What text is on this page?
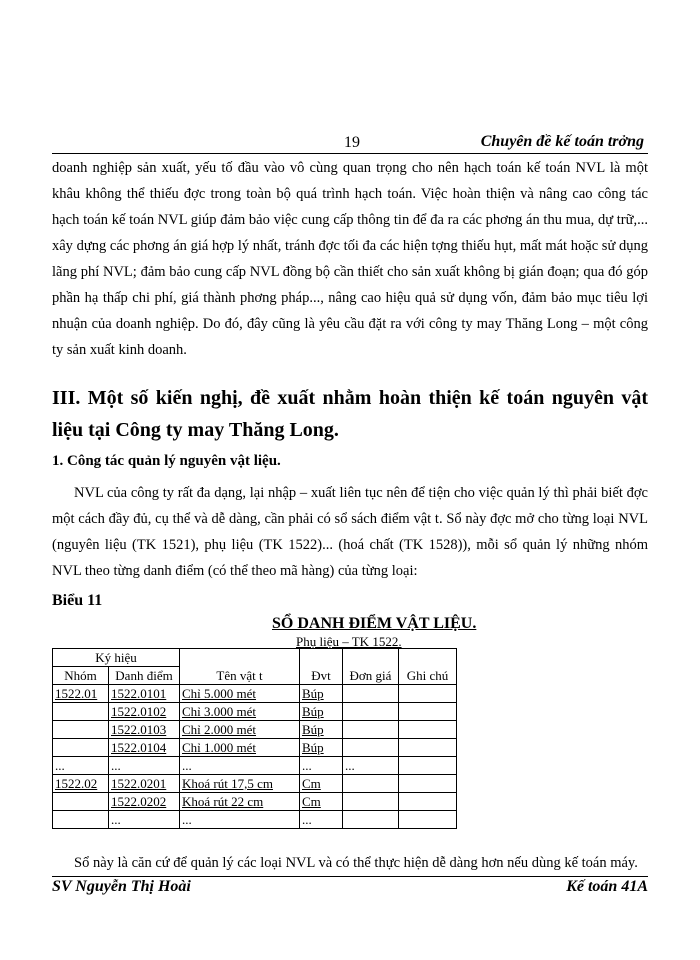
19	Chuyên đề kế toán trởng

doanh nghiệp sản xuất, yếu tố đầu vào vô cùng quan trọng cho nên hạch toán kế toán NVL là một khâu không thể thiếu đợc trong toàn bộ quá trình hạch toán. Việc hoàn thiện và nâng cao công tác hạch toán kế toán NVL giúp đảm bảo việc cung cấp thông tin để đa ra các phơng án thu mua, dự trữ,... xây dựng các phơng án giá hợp lý nhất, tránh đợc tối đa các hiện tợng thiếu hụt, mất mát hoặc sử dụng lãng phí NVL; đảm bảo cung cấp NVL đồng bộ cần thiết cho sản xuất không bị gián đoạn; qua đó góp phần hạ thấp chi phí, giá thành phơng pháp..., nâng cao hiệu quả sử dụng vốn, đảm bảo mục tiêu lợi nhuận của doanh nghiệp. Do đó, đây cũng là yêu cầu đặt ra với công ty may Thăng Long – một công ty sản xuất kinh doanh.

III. Một số kiến nghị, đề xuất nhằm hoàn thiện kế toán nguyên vật liệu tại Công ty may Thăng Long.

1. Công tác quản lý nguyên vật liệu.

NVL của công ty rất đa dạng, lại nhập – xuất liên tục nên để tiện cho việc quản lý thì phải biết đợc một cách đầy đủ, cụ thể và dễ dàng, cần phải có sổ sách điểm vật t. Sổ này đợc mở cho từng loại NVL (nguyên liệu (TK 1521), phụ liệu (TK 1522)... (hoá chất (TK 1528)), mỗi sổ quản lý những nhóm NVL theo từng danh điểm (có thể theo mã hàng) của từng loại:

Biểu 11
SỔ DANH ĐIỂM VẬT LIỆU.
Phụ liệu – TK 1522.
Ký hiệu		Tên vật t	Đvt	Đơn giá	Ghi chú
Nhóm	Danh điểm				
1522.01	1522.0101	Chỉ 5.000 mét	Búp		
	1522.0102	Chỉ 3.000 mét	Búp		
	1522.0103	Chỉ 2.000 mét	Búp		
	1522.0104	Chỉ 1.000 mét	Búp		
...	...	...	...	...	
1522.02	1522.0201	Khoá rút 17,5 cm	Cm		
	1522.0202	Khoá rút 22 cm	Cm		
	...	...	...		

Sổ này là căn cứ để quản lý các loại NVL và có thể thực hiện dễ dàng hơn nếu dùng kế toán máy.

SV Nguyễn Thị Hoài	Kế toán 41A
